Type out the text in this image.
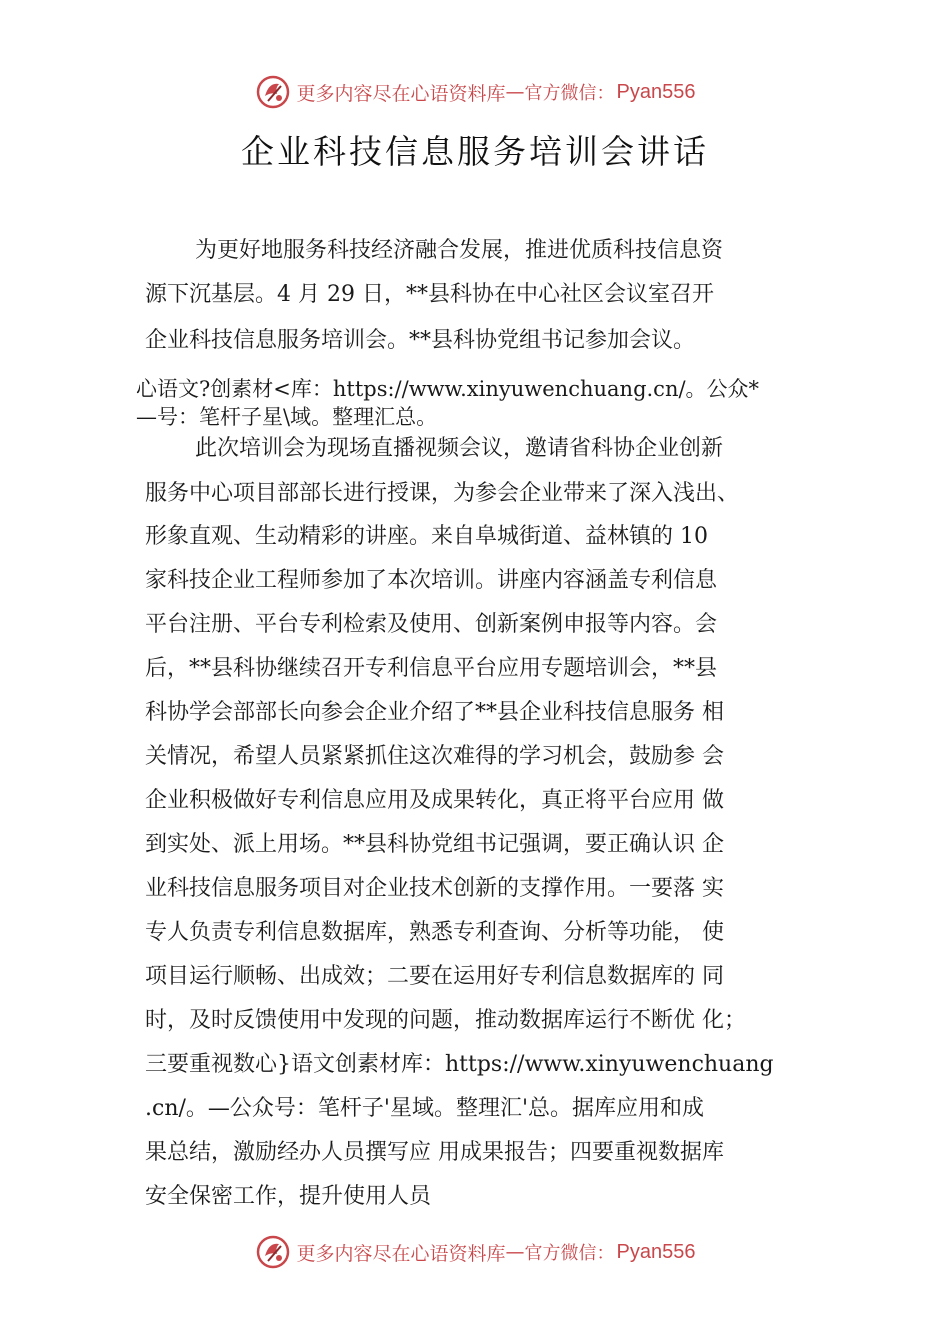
更多内容尽在心语资料库 — 官方微信： Pyan556
企业科技信息服务培训会讲话
为更好地服务科技经济融合发展，推进优质科技信息资
源下沉基层。4 月 29 日，**县科协在中心社区会议室召开
企业科技信息服务培训会。**县科协党组书记参加会议。
心语文?创素材<库：https://www.xinyuwenchuang.cn/。公众*
—号：笔杆子星\域。整理汇总。
此次培训会为现场直播视频会议，邀请省科协企业创新
服务中心项目部部长进行授课，为参会企业带来了深入浅出、
形象直观、生动精彩的讲座。来自阜城街道、益林镇的 10
家科技企业工程师参加了本次培训。讲座内容涵盖专利信息
平台注册、平台专利检索及使用、创新案例申报等内容。会
后，**县科协继续召开专利信息平台应用专题培训会，**县
科协学会部部长向参会企业介绍了**县企业科技信息服务 相
关情况，希望人员紧紧抓住这次难得的学习机会，鼓励参 会
企业积极做好专利信息应用及成果转化，真正将平台应用 做
到实处、派上用场。**县科协党组书记强调，要正确认识 企
业科技信息服务项目对企业技术创新的支撑作用。一要落 实
专人负责专利信息数据库，熟悉专利查询、分析等功能， 使
项目运行顺畅、出成效；二要在运用好专利信息数据库的 同
时，及时反馈使用中发现的问题，推动数据库运行不断优 化；
三要重视数心}语文创素材库：https://www.xinyuwenchuang
.cn/。—公众号：笔杆子'星域。整理汇'总。据库应用和成
果总结，激励经办人员撰写应 用成果报告；四要重视数据库
安全保密工作，提升使用人员
更多内容尽在心语资料库 — 官方微信： Pyan556
